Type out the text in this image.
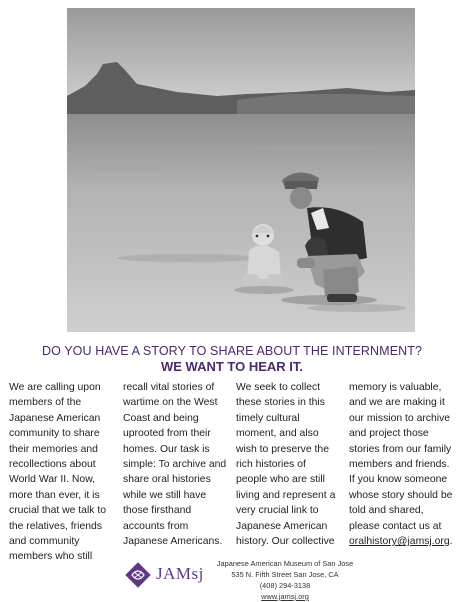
DO YOU HAVE A STORY TO SHARE ABOUT THE INTERNMENT?
WE WANT TO HEAR IT.
We are calling upon
members of the
Japanese American
community to share
their memories and
recollections about
World War II. Now,
more than ever, it is
crucial that we talk to
the relatives, friends
and community
members who still
recall vital stories of
wartime on the West
Coast and being
uprooted from their
homes. Our task is
simple: To archive and
share oral histories
while we still have
those firsthand
accounts from
Japanese Americans.
We seek to collect
these stories in this
timely cultural
moment, and also
wish to preserve the
rich histories of
people who are still
living and represent a
very crucial link to
Japanese American
history. Our collective
memory is valuable,
and we are making it
our mission to archive
and project those
stories from our family
members and friends.
If you know someone
whose story should be
told and shared,
please contact us at
oralhistory@jamsj.org.
JAMsj
Japanese American Museum of San Jose
535 N. Fifth Street San Jose, CA
(408) 294-3138
www.jamsj.org
